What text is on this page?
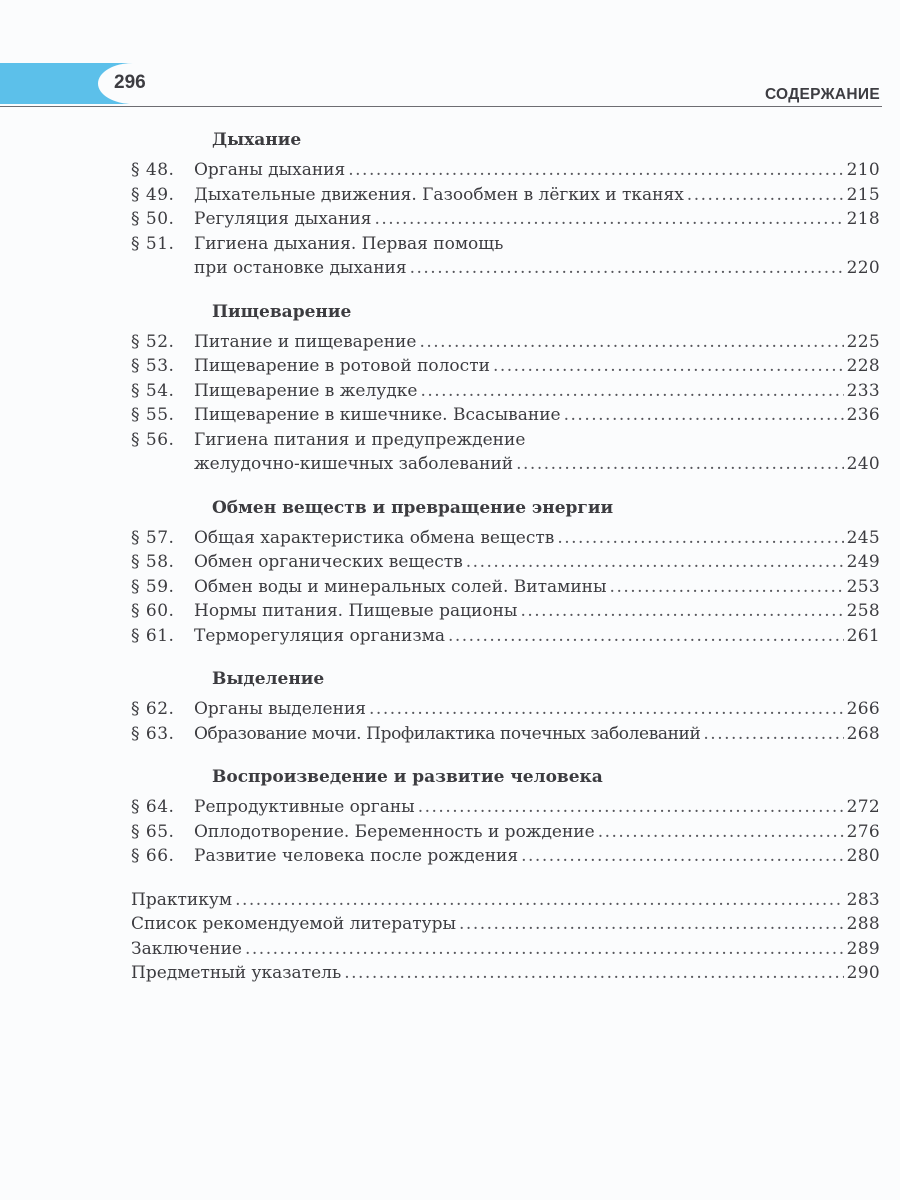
296
СОДЕРЖАНИЕ
Дыхание
§ 48.	Органы дыхания .....	210
§ 49.	Дыхательные движения. Газообмен в лёгких и тканях .....	215
§ 50.	Регуляция дыхания .....	218
§ 51.	Гигиена дыхания. Первая помощь
при остановке дыхания .....	220
Пищеварение
§ 52.	Питание и пищеварение .....	225
§ 53.	Пищеварение в ротовой полости .....	228
§ 54.	Пищеварение в желудке .....	233
§ 55.	Пищеварение в кишечнике. Всасывание .....	236
§ 56.	Гигиена питания и предупреждение
желудочно-кишечных заболеваний .....	240
Обмен веществ и превращение энергии
§ 57.	Общая характеристика обмена веществ .....	245
§ 58.	Обмен органических веществ .....	249
§ 59.	Обмен воды и минеральных солей. Витамины .....	253
§ 60.	Нормы питания. Пищевые рационы .....	258
§ 61.	Терморегуляция организма .....	261
Выделение
§ 62.	Органы выделения .....	266
§ 63.	Образование мочи. Профилактика почечных заболеваний .....	268
Воспроизведение и развитие человека
§ 64.	Репродуктивные органы .....	272
§ 65.	Оплодотворение. Беременность и рождение .....	276
§ 66.	Развитие человека после рождения .....	280
Практикум .....	283
Список рекомендуемой литературы .....	288
Заключение .....	289
Предметный указатель .....	290
